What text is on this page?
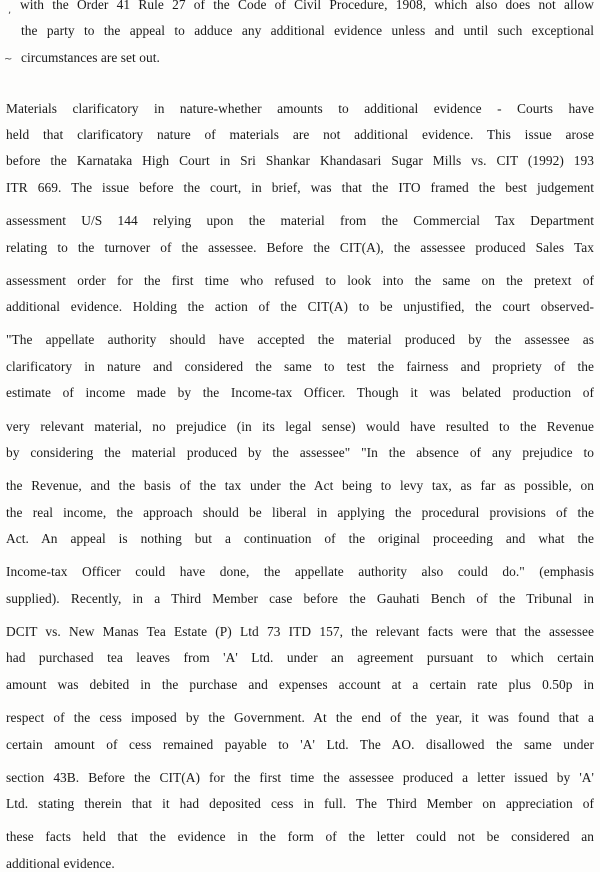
,
~
with the Order 41 Rule 27 of the Code of Civil Procedure, 1908, which also does not allow
the party to the appeal to adduce any additional evidence unless and until such exceptional
circumstances are set out.
Materials clarificatory in nature-whether amounts to additional evidence - Courts have
held that clarificatory nature of materials are not additional evidence. This issue arose
before the Karnataka High Court in Sri Shankar Khandasari Sugar Mills vs. CIT (1992) 193
ITR 669. The issue before the court, in brief, was that the ITO framed the best judgement
assessment U/S 144 relying upon the material from the Commercial Tax Department
relating to the turnover of the assessee. Before the CIT(A), the assessee produced Sales Tax
assessment order for the first time who refused to look into the same on the pretext of
additional evidence. Holding the action of the CIT(A) to be unjustified, the court observed-
"The appellate authority should have accepted the material produced by the assessee as
clarificatory in nature and considered the same to test the fairness and propriety of the
estimate of income made by the Income-tax Officer. Though it was belated production of
very relevant material, no prejudice (in its legal sense) would have resulted to the Revenue
by considering the material produced by the assessee" "In the absence of any prejudice to
the Revenue, and the basis of the tax under the Act being to levy tax, as far as possible, on
the real income, the approach should be liberal in applying the procedural provisions of the
Act. An appeal is nothing but a continuation of the original proceeding and what the
Income-tax Officer could have done, the appellate authority also could do." (emphasis
supplied). Recently, in a Third Member case before the Gauhati Bench of the Tribunal in
DCIT vs. New Manas Tea Estate (P) Ltd 73 ITD 157, the relevant facts were that the assessee
had purchased tea leaves from 'A' Ltd. under an agreement pursuant to which certain
amount was debited in the purchase and expenses account at a certain rate plus 0.50p in
respect of the cess imposed by the Government. At the end of the year, it was found that a
certain amount of cess remained payable to 'A' Ltd. The AO. disallowed the same under
section 43B. Before the CIT(A) for the first time the assessee produced a letter issued by 'A'
Ltd. stating therein that it had deposited cess in full. The Third Member on appreciation of
these facts held that the evidence in the form of the letter could not be considered an
additional evidence.
